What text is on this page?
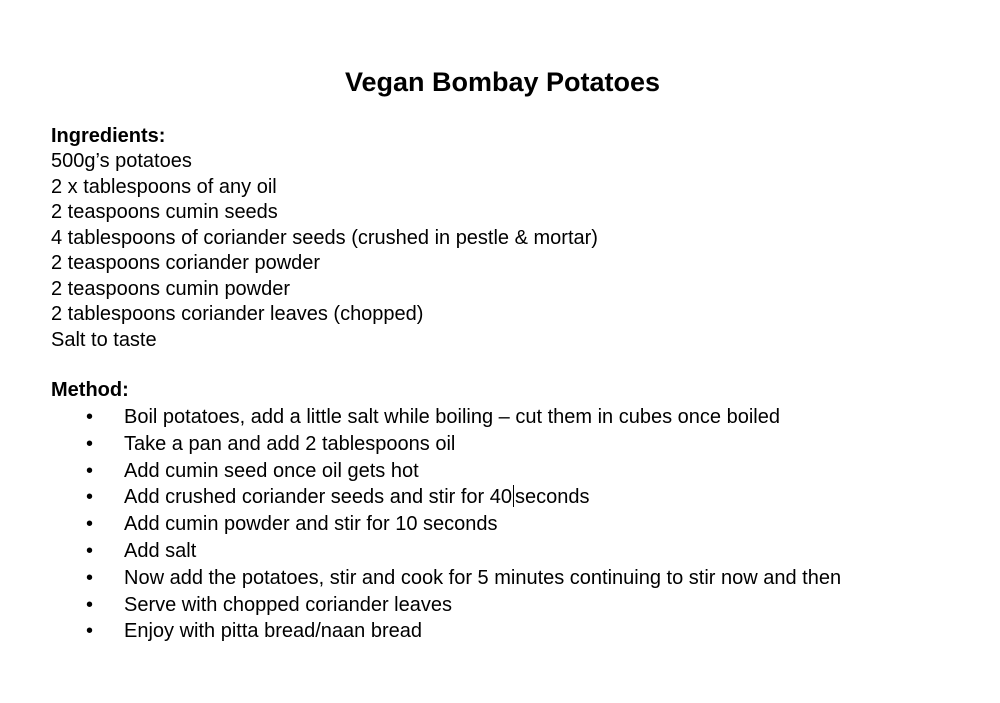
Vegan Bombay Potatoes
Ingredients:
500g’s potatoes
2 x tablespoons of any oil
2 teaspoons cumin seeds
4 tablespoons of coriander seeds (crushed in pestle & mortar)
2 teaspoons coriander powder
2 teaspoons cumin powder
2 tablespoons coriander leaves (chopped)
Salt to taste
Method:
• Boil potatoes, add a little salt while boiling – cut them in cubes once boiled
• Take a pan and add 2 tablespoons oil
• Add cumin seed once oil gets hot
• Add crushed coriander seeds and stir for 40 seconds
• Add cumin powder and stir for 10 seconds
• Add salt
• Now add the potatoes, stir and cook for 5 minutes continuing to stir now and then
• Serve with chopped coriander leaves
• Enjoy with pitta bread/naan bread
